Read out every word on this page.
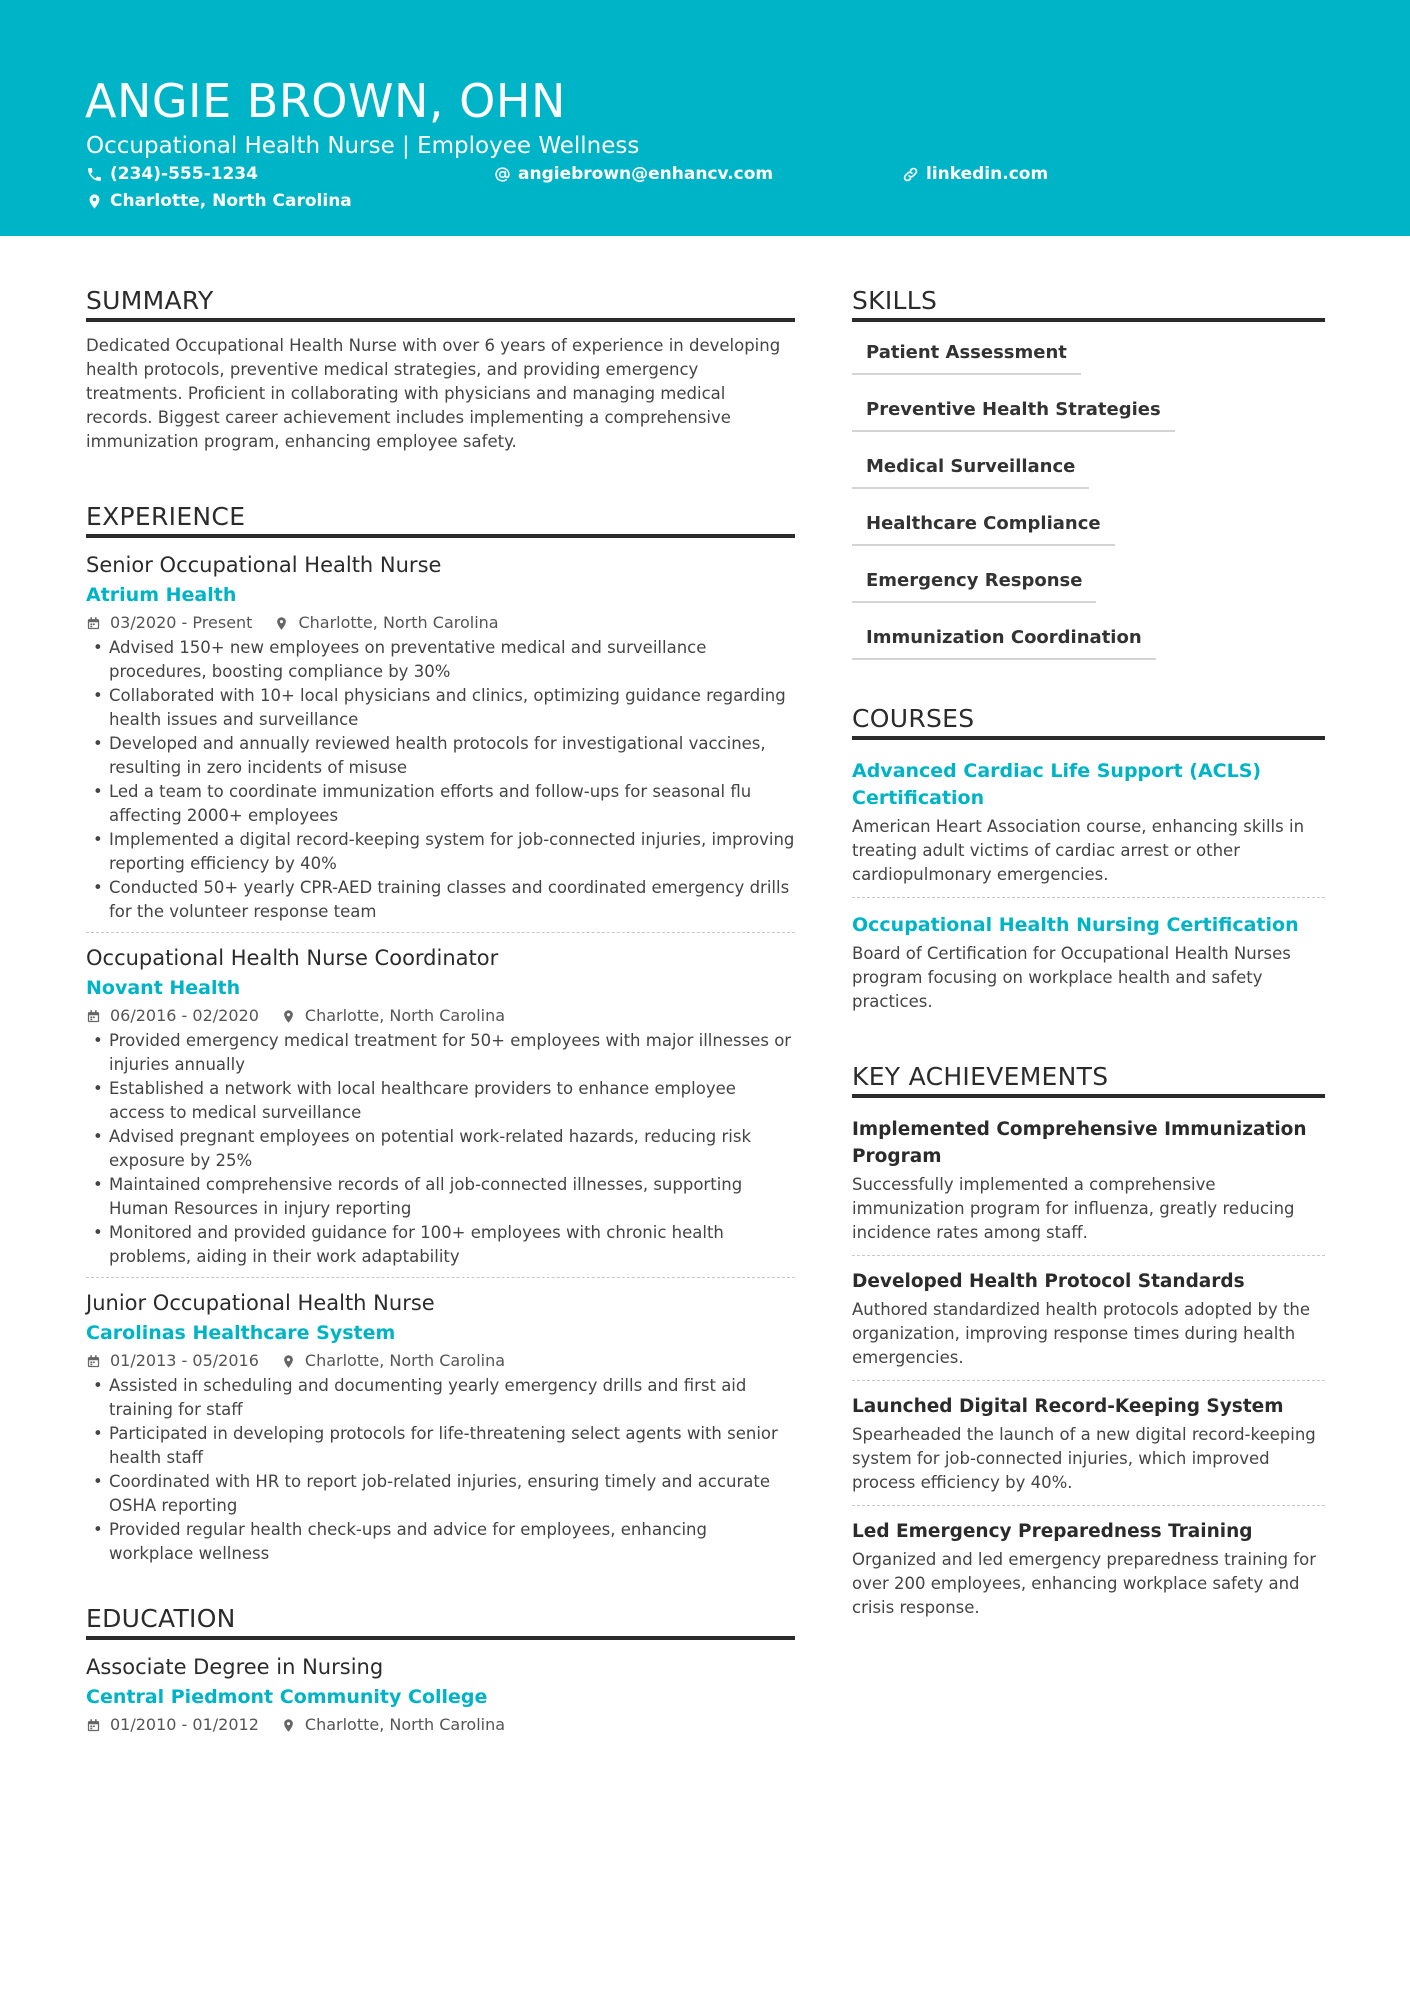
ANGIE BROWN, OHN
Occupational Health Nurse | Employee Wellness
(234)-555-1234	angiebrown@enhancv.com	linkedin.com
Charlotte, North Carolina
SUMMARY

Dedicated Occupational Health Nurse with over 6 years of experience in developing health protocols, preventive medical strategies, and providing emergency treatments. Proficient in collaborating with physicians and managing medical records. Biggest career achievement includes implementing a comprehensive immunization program, enhancing employee safety.

EXPERIENCE
Senior Occupational Health Nurse
Atrium Health
03/2020 - Present	Charlotte, North Carolina
• Advised 150+ new employees on preventative medical and surveillance procedures, boosting compliance by 30%
• Collaborated with 10+ local physicians and clinics, optimizing guidance regarding health issues and surveillance
• Developed and annually reviewed health protocols for investigational vaccines, resulting in zero incidents of misuse
• Led a team to coordinate immunization efforts and follow-ups for seasonal flu affecting 2000+ employees
• Implemented a digital record-keeping system for job-connected injuries, improving reporting efficiency by 40%
• Conducted 50+ yearly CPR-AED training classes and coordinated emergency drills for the volunteer response team
Occupational Health Nurse Coordinator
Novant Health
06/2016 - 02/2020	Charlotte, North Carolina
• Provided emergency medical treatment for 50+ employees with major illnesses or injuries annually
• Established a network with local healthcare providers to enhance employee access to medical surveillance
• Advised pregnant employees on potential work-related hazards, reducing risk exposure by 25%
• Maintained comprehensive records of all job-connected illnesses, supporting Human Resources in injury reporting
• Monitored and provided guidance for 100+ employees with chronic health problems, aiding in their work adaptability
Junior Occupational Health Nurse
Carolinas Healthcare System
01/2013 - 05/2016	Charlotte, North Carolina
• Assisted in scheduling and documenting yearly emergency drills and first aid training for staff
• Participated in developing protocols for life-threatening select agents with senior health staff
• Coordinated with HR to report job-related injuries, ensuring timely and accurate OSHA reporting
• Provided regular health check-ups and advice for employees, enhancing workplace wellness
EDUCATION
Associate Degree in Nursing
Central Piedmont Community College
01/2010 - 01/2012	Charlotte, North Carolina
SKILLS
Patient Assessment
Preventive Health Strategies
Medical Surveillance
Healthcare Compliance
Emergency Response
Immunization Coordination
COURSES
Advanced Cardiac Life Support (ACLS) Certification
American Heart Association course, enhancing skills in treating adult victims of cardiac arrest or other cardiopulmonary emergencies.
Occupational Health Nursing Certification
Board of Certification for Occupational Health Nurses program focusing on workplace health and safety practices.
KEY ACHIEVEMENTS
Implemented Comprehensive Immunization Program
Successfully implemented a comprehensive immunization program for influenza, greatly reducing incidence rates among staff.
Developed Health Protocol Standards
Authored standardized health protocols adopted by the organization, improving response times during health emergencies.
Launched Digital Record-Keeping System
Spearheaded the launch of a new digital record-keeping system for job-connected injuries, which improved process efficiency by 40%.
Led Emergency Preparedness Training
Organized and led emergency preparedness training for over 200 employees, enhancing workplace safety and crisis response.
